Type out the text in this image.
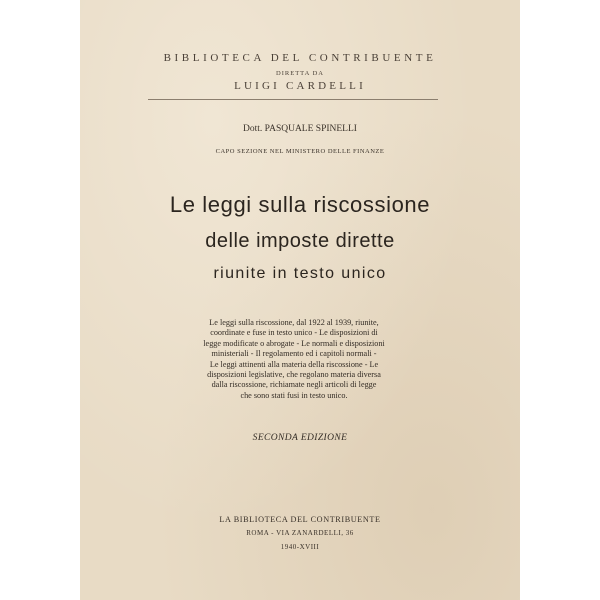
BIBLIOTECA DEL CONTRIBUENTE
DIRETTA DA
LUIGI CARDELLI
Dott. PASQUALE SPINELLI
CAPO SEZIONE NEL MINISTERO DELLE FINANZE
Le leggi sulla riscossione
delle imposte dirette
riunite in testo unico
Le leggi sulla riscossione, dal 1922 al 1939, riunite,
coordinate e fuse in testo unico - Le disposizioni di
legge modificate o abrogate - Le normali e disposizioni
ministeriali - Il regolamento ed i capitoli normali -
Le leggi attinenti alla materia della riscossione - Le
disposizioni legislative, che regolano materia diversa
dalla riscossione, richiamate negli articoli di legge
che sono stati fusi in testo unico.
SECONDA EDIZIONE
LA BIBLIOTECA DEL CONTRIBUENTE
ROMA - VIA ZANARDELLI, 36
1940-XVIII
